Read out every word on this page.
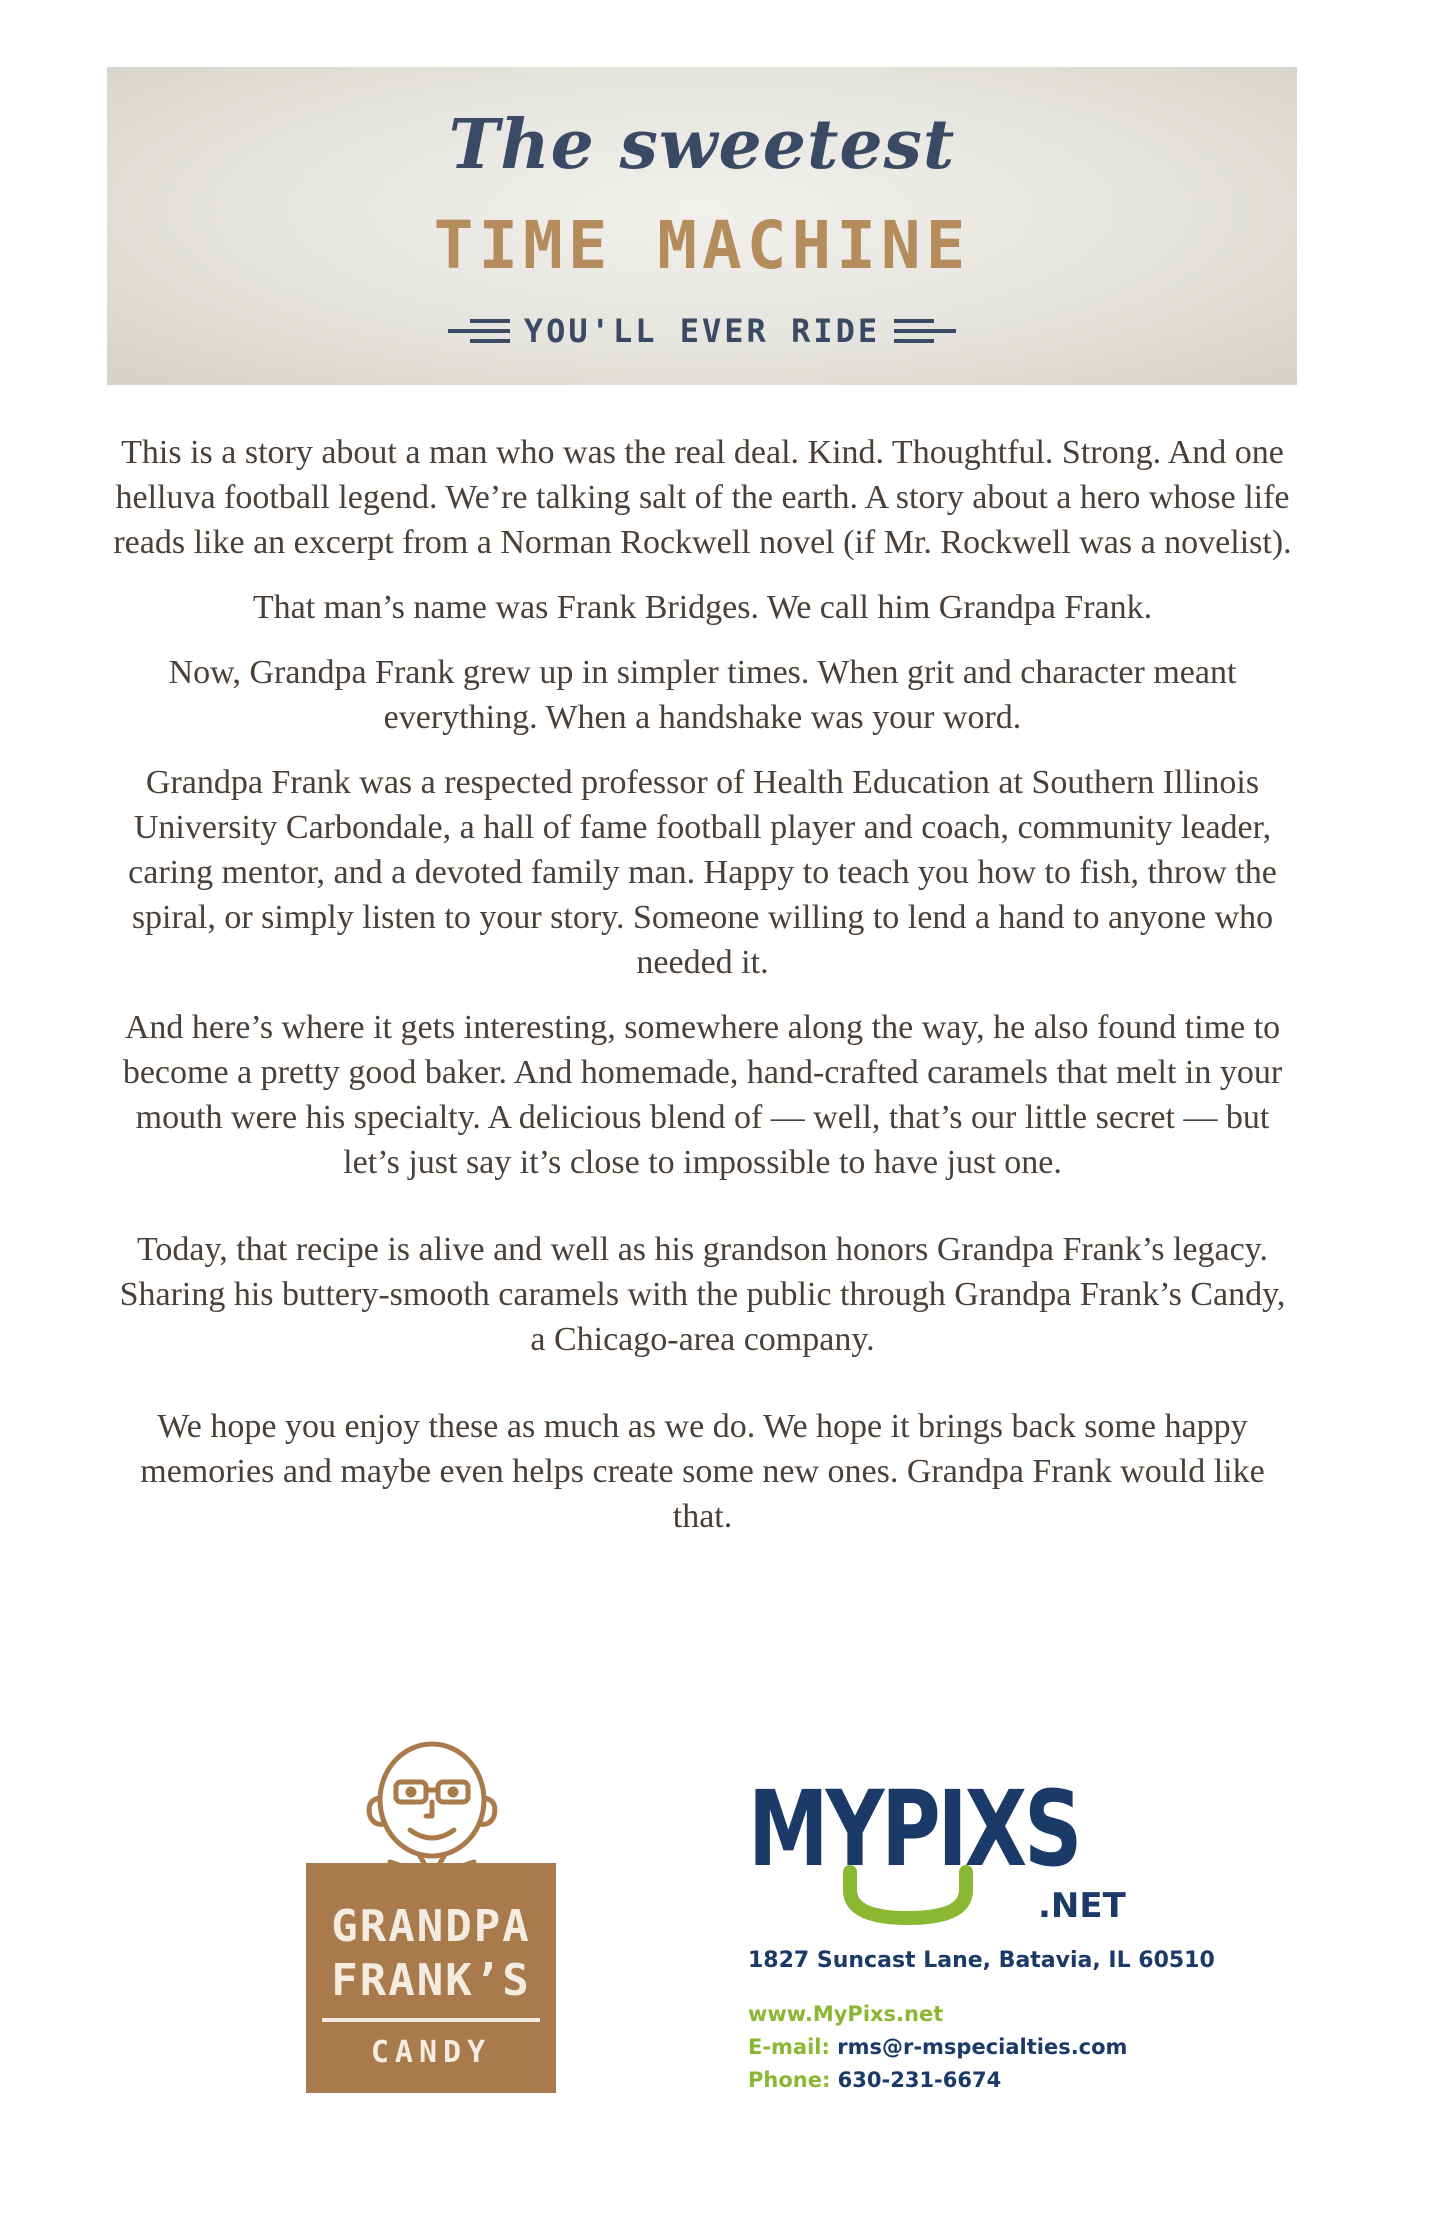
The sweetest
TIME MACHINE
YOU'LL EVER RIDE

This is a story about a man who was the real deal. Kind. Thoughtful. Strong. And one helluva football legend. We’re talking salt of the earth. A story about a hero whose life reads like an excerpt from a Norman Rockwell novel (if Mr. Rockwell was a novelist).

That man’s name was Frank Bridges. We call him Grandpa Frank.

Now, Grandpa Frank grew up in simpler times. When grit and character meant everything. When a handshake was your word.

Grandpa Frank was a respected professor of Health Education at Southern Illinois University Carbondale, a hall of fame football player and coach, community leader, caring mentor, and a devoted family man. Happy to teach you how to fish, throw the spiral, or simply listen to your story. Someone willing to lend a hand to anyone who needed it.

And here’s where it gets interesting, somewhere along the way, he also found time to become a pretty good baker. And homemade, hand-crafted caramels that melt in your mouth were his specialty. A delicious blend of — well, that’s our little secret — but let’s just say it’s close to impossible to have just one.

Today, that recipe is alive and well as his grandson honors Grandpa Frank’s legacy. Sharing his buttery-smooth caramels with the public through Grandpa Frank’s Candy, a Chicago-area company.

We hope you enjoy these as much as we do. We hope it brings back some happy memories and maybe even helps create some new ones. Grandpa Frank would like that.

GRANDPA
FRANK’S
CANDY
MYPIXS
.NET
1827 Suncast Lane, Batavia, IL 60510
www.MyPixs.net
E-mail: rms@r-mspecialties.com
Phone: 630-231-6674
